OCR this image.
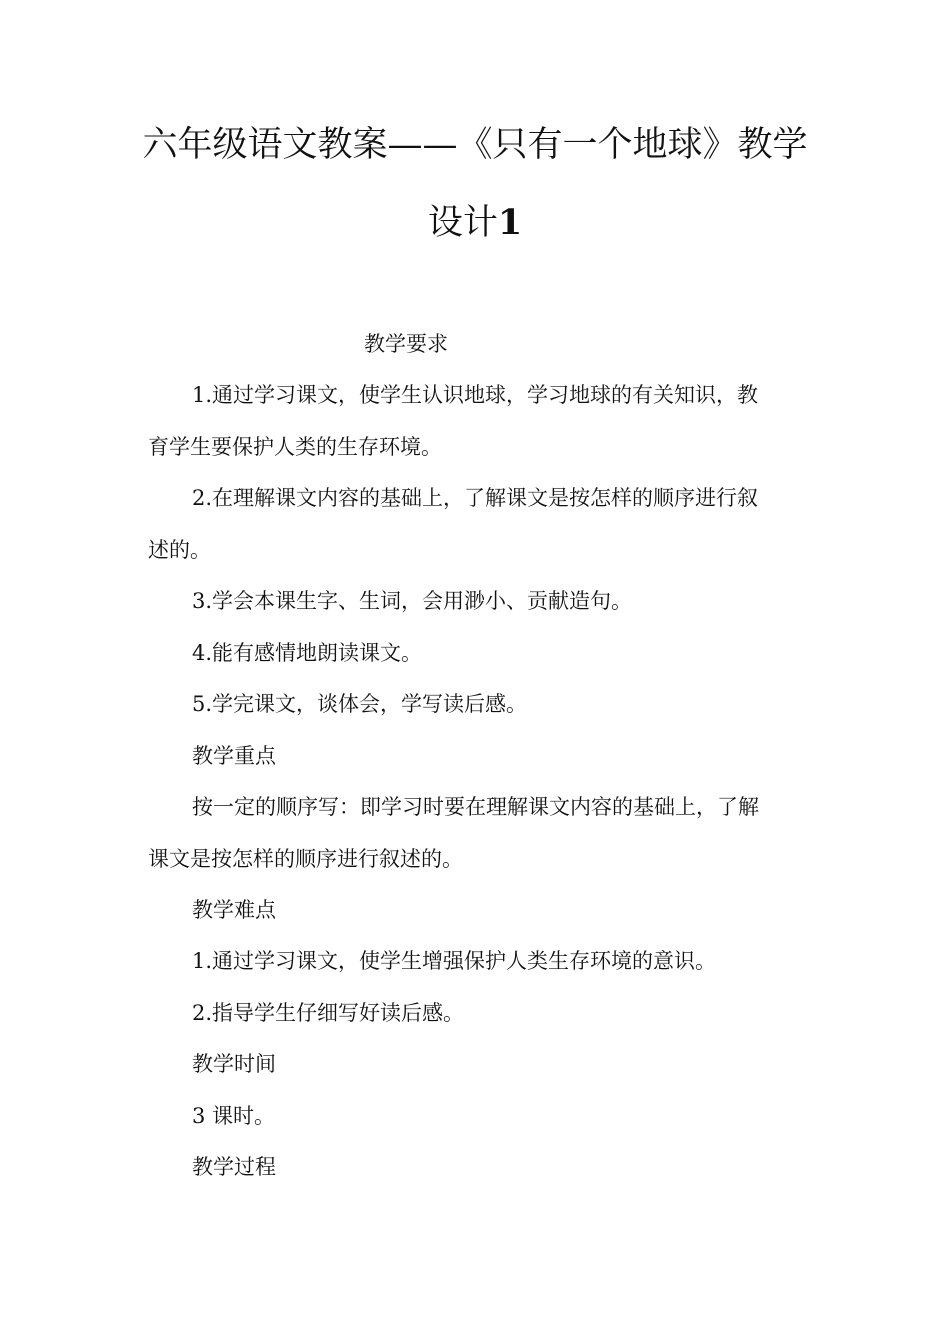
六年级语文教案——《只有一个地球》教学
设计1

教学要求

1.通过学习课文，使学生认识地球，学习地球的有关知识，教

育学生要保护人类的生存环境。

2.在理解课文内容的基础上，了解课文是按怎样的顺序进行叙

述的。

3.学会本课生字、生词，会用渺小、贡献造句。

4.能有感情地朗读课文。

5.学完课文，谈体会，学写读后感。

教学重点

按一定的顺序写：即学习时要在理解课文内容的基础上，了解

课文是按怎样的顺序进行叙述的。

教学难点

1.通过学习课文，使学生增强保护人类生存环境的意识。

2.指导学生仔细写好读后感。

教学时间

3 课时。

教学过程
